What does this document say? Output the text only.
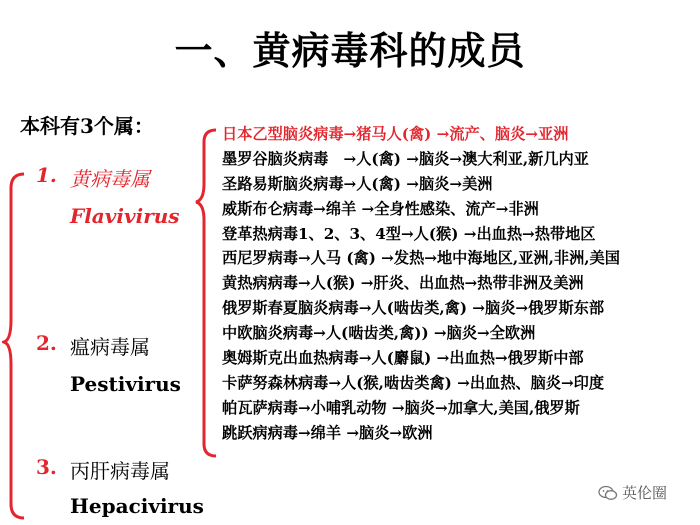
一、黄病毒科的成员
本科有3个属：
1. 黄病毒属
Flavivirus
2. 瘟病毒属
Pestivirus
3. 丙肝病毒属
Hepacivirus
日本乙型脑炎病毒→猪马人(禽) →流产、脑炎→亚洲
墨罗谷脑炎病毒　→人(禽) →脑炎→澳大利亚,新几内亚
圣路易斯脑炎病毒→人(禽) →脑炎→美洲
威斯布仑病毒→绵羊 →全身性感染、流产→非洲
登革热病毒1、2、3、4型→人(猴) →出血热→热带地区
西尼罗病毒→人马 (禽) →发热→地中海地区,亚洲,非洲,美国
黄热病病毒→人(猴) →肝炎、出血热→热带非洲及美洲
俄罗斯春夏脑炎病毒→人(啮齿类,禽) →脑炎→俄罗斯东部
中欧脑炎病毒→人(啮齿类,禽)) →脑炎→全欧洲
奥姆斯克出血热病毒→人(麝鼠) →出血热→俄罗斯中部
卡萨努森林病毒→人(猴,啮齿类禽) →出血热、脑炎→印度
帕瓦萨病毒→小哺乳动物 →脑炎→加拿大,美国,俄罗斯
跳跃病病毒→绵羊 →脑炎→欧洲
英伦圈
